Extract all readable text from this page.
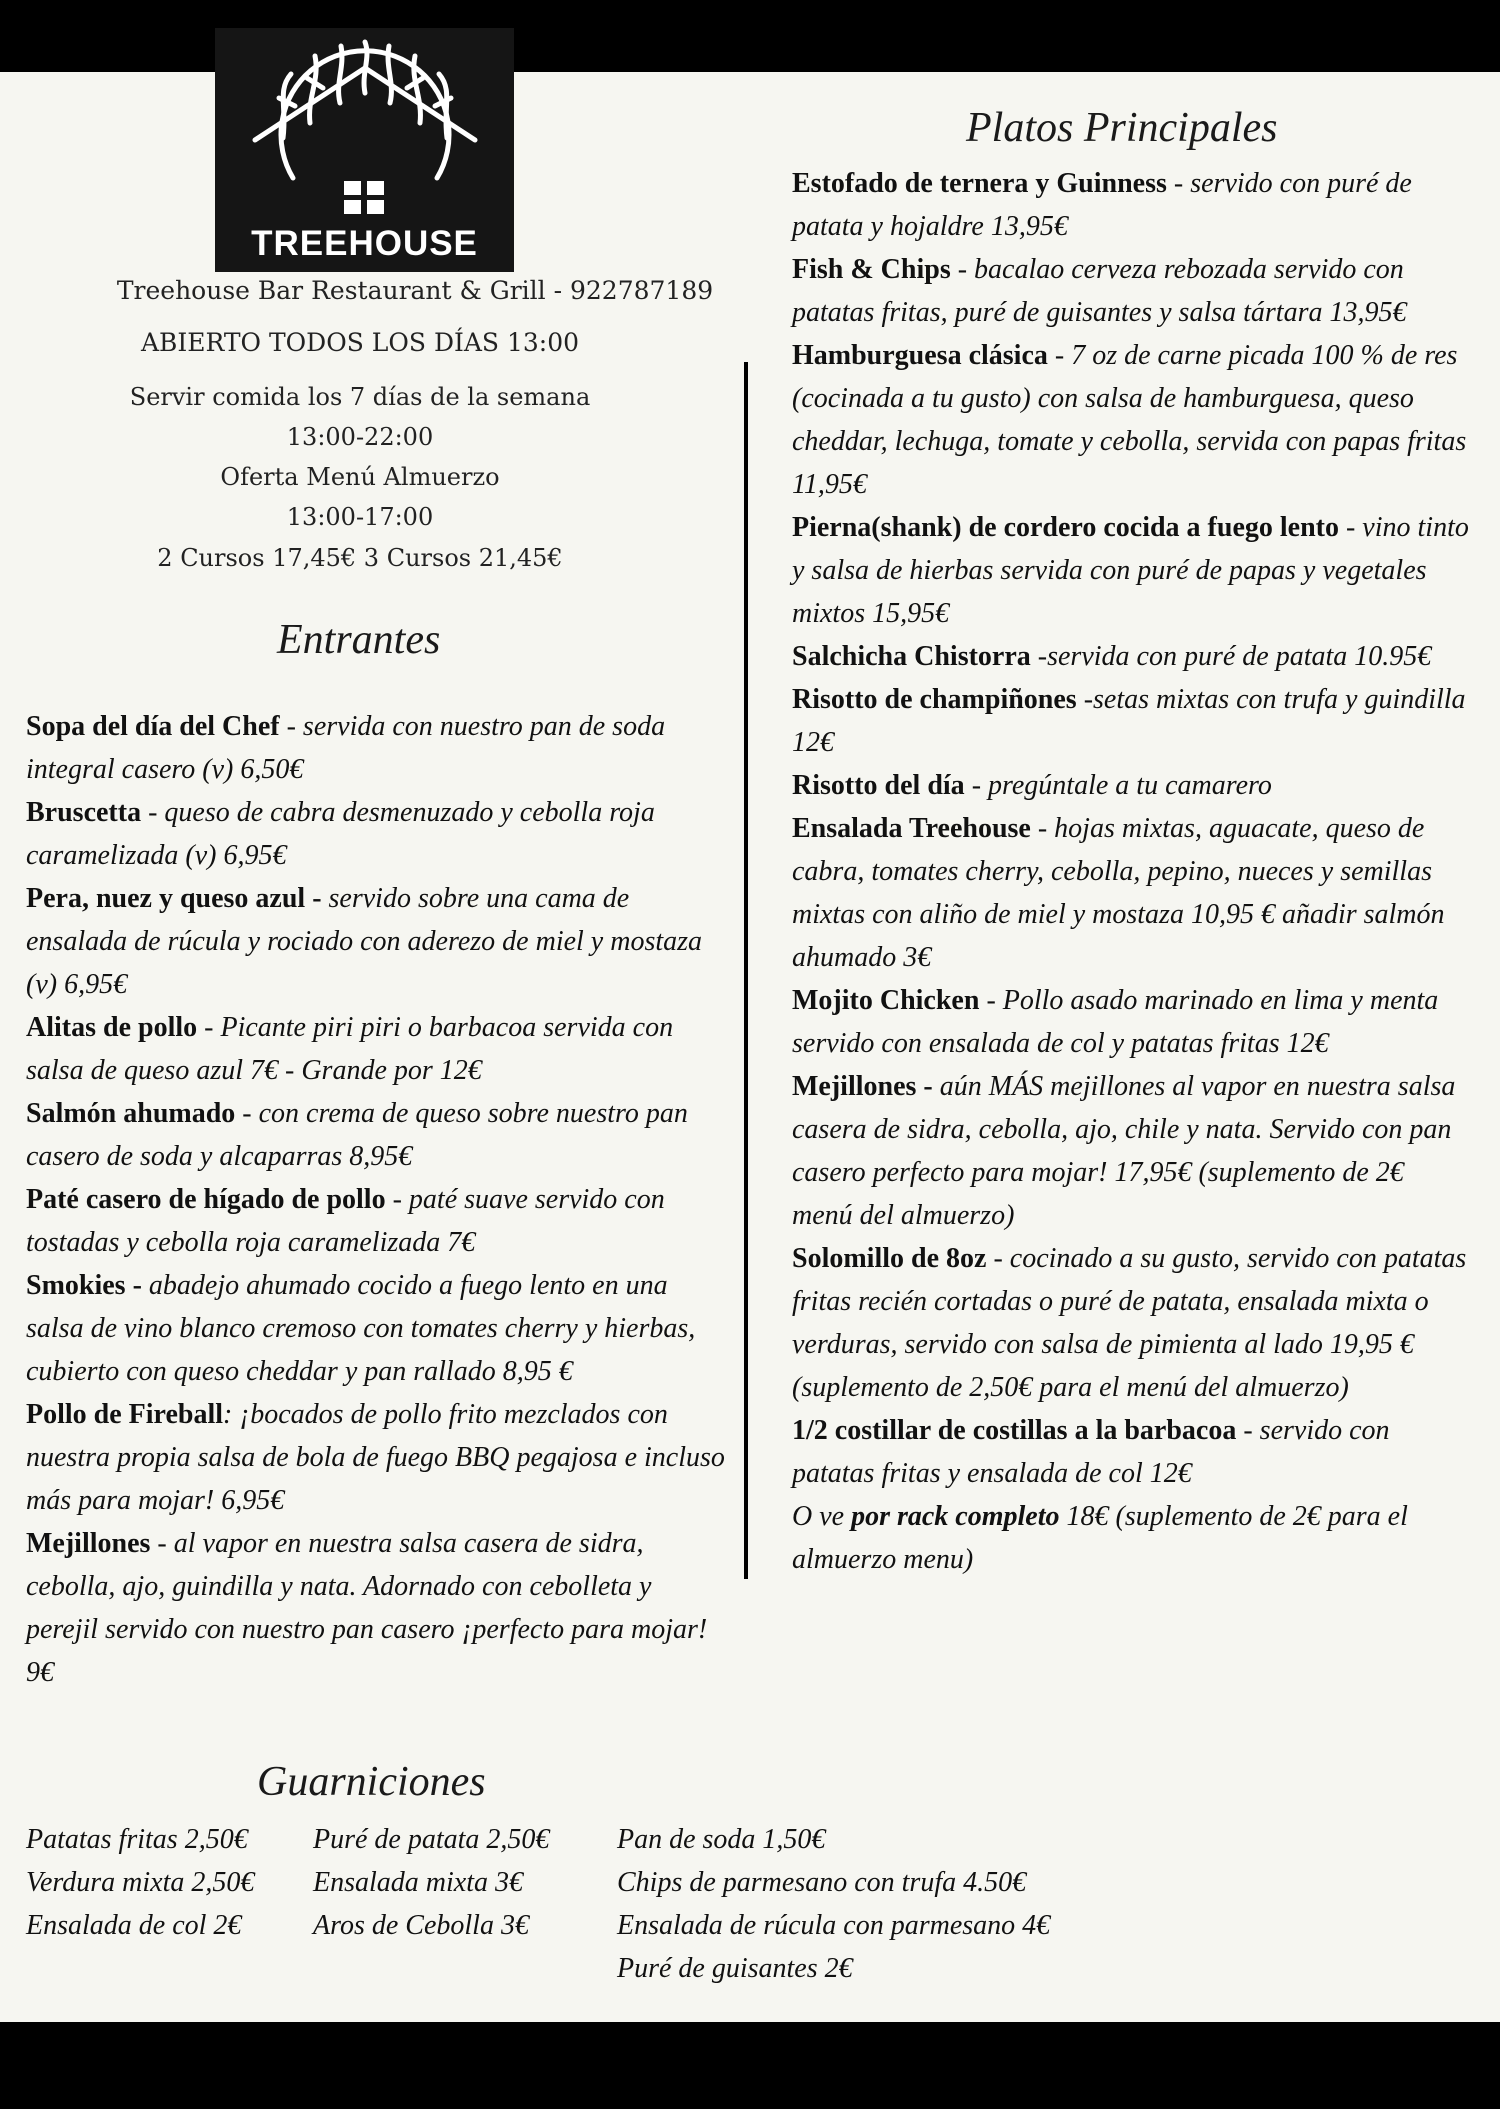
TREEHOUSE
Treehouse Bar Restaurant & Grill - 922787189
ABIERTO TODOS LOS DÍAS 13:00
Servir comida los 7 días de la semana
13:00-22:00
Oferta Menú Almuerzo
13:00-17:00
2 Cursos 17,45€ 3 Cursos 21,45€
Entrantes

Sopa del día del Chef - servida con nuestro pan de soda integral casero (v) 6,50€

Bruscetta - queso de cabra desmenuzado y cebolla roja caramelizada (v) 6,95€

Pera, nuez y queso azul - servido sobre una cama de ensalada de rúcula y rociado con aderezo de miel y mostaza (v) 6,95€

Alitas de pollo - Picante piri piri o barbacoa servida con salsa de queso azul 7€ - Grande por 12€

Salmón ahumado - con crema de queso sobre nuestro pan casero de soda y alcaparras 8,95€

Paté casero de hígado de pollo - paté suave servido con tostadas y cebolla roja caramelizada 7€

Smokies - abadejo ahumado cocido a fuego lento en una salsa de vino blanco cremoso con tomates cherry y hierbas, cubierto con queso cheddar y pan rallado 8,95 €

Pollo de Fireball: ¡bocados de pollo frito mezclados con nuestra propia salsa de bola de fuego BBQ pegajosa e incluso más para mojar! 6,95€

Mejillones - al vapor en nuestra salsa casera de sidra, cebolla, ajo, guindilla y nata. Adornado con cebolleta y perejil servido con nuestro pan casero ¡perfecto para mojar! 9€

Platos Principales

Estofado de ternera y Guinness - servido con puré de patata y hojaldre 13,95€

Fish & Chips - bacalao cerveza rebozada servido con patatas fritas, puré de guisantes y salsa tártara 13,95€

Hamburguesa clásica - 7 oz de carne picada 100 % de res (cocinada a tu gusto) con salsa de hamburguesa, queso cheddar, lechuga, tomate y cebolla, servida con papas fritas 11,95€

Pierna(shank) de cordero cocida a fuego lento - vino tinto y salsa de hierbas servida con puré de papas y vegetales mixtos 15,95€

Salchicha Chistorra -servida con puré de patata 10.95€

Risotto de champiñones -setas mixtas con trufa y guindilla 12€

Risotto del día - pregúntale a tu camarero

Ensalada Treehouse - hojas mixtas, aguacate, queso de cabra, tomates cherry, cebolla, pepino, nueces y semillas mixtas con aliño de miel y mostaza 10,95 € añadir salmón ahumado 3€

Mojito Chicken - Pollo asado marinado en lima y menta servido con ensalada de col y patatas fritas 12€

Mejillones - aún MÁS mejillones al vapor en nuestra salsa casera de sidra, cebolla, ajo, chile y nata. Servido con pan casero perfecto para mojar! 17,95€ (suplemento de 2€ menú del almuerzo)

Solomillo de 8oz - cocinado a su gusto, servido con patatas fritas recién cortadas o puré de patata, ensalada mixta o verduras, servido con salsa de pimienta al lado 19,95 € (suplemento de 2,50€ para el menú del almuerzo)

1/2 costillar de costillas a la barbacoa - servido con patatas fritas y ensalada de col 12€

O ve por rack completo 18€ (suplemento de 2€ para el almuerzo menu)

Guarniciones
Patatas fritas 2,50€
Verdura mixta 2,50€
Ensalada de col 2€
Puré de patata 2,50€
Ensalada mixta 3€
Aros de Cebolla 3€
Pan de soda 1,50€
Chips de parmesano con trufa 4.50€
Ensalada de rúcula con parmesano 4€
Puré de guisantes 2€
